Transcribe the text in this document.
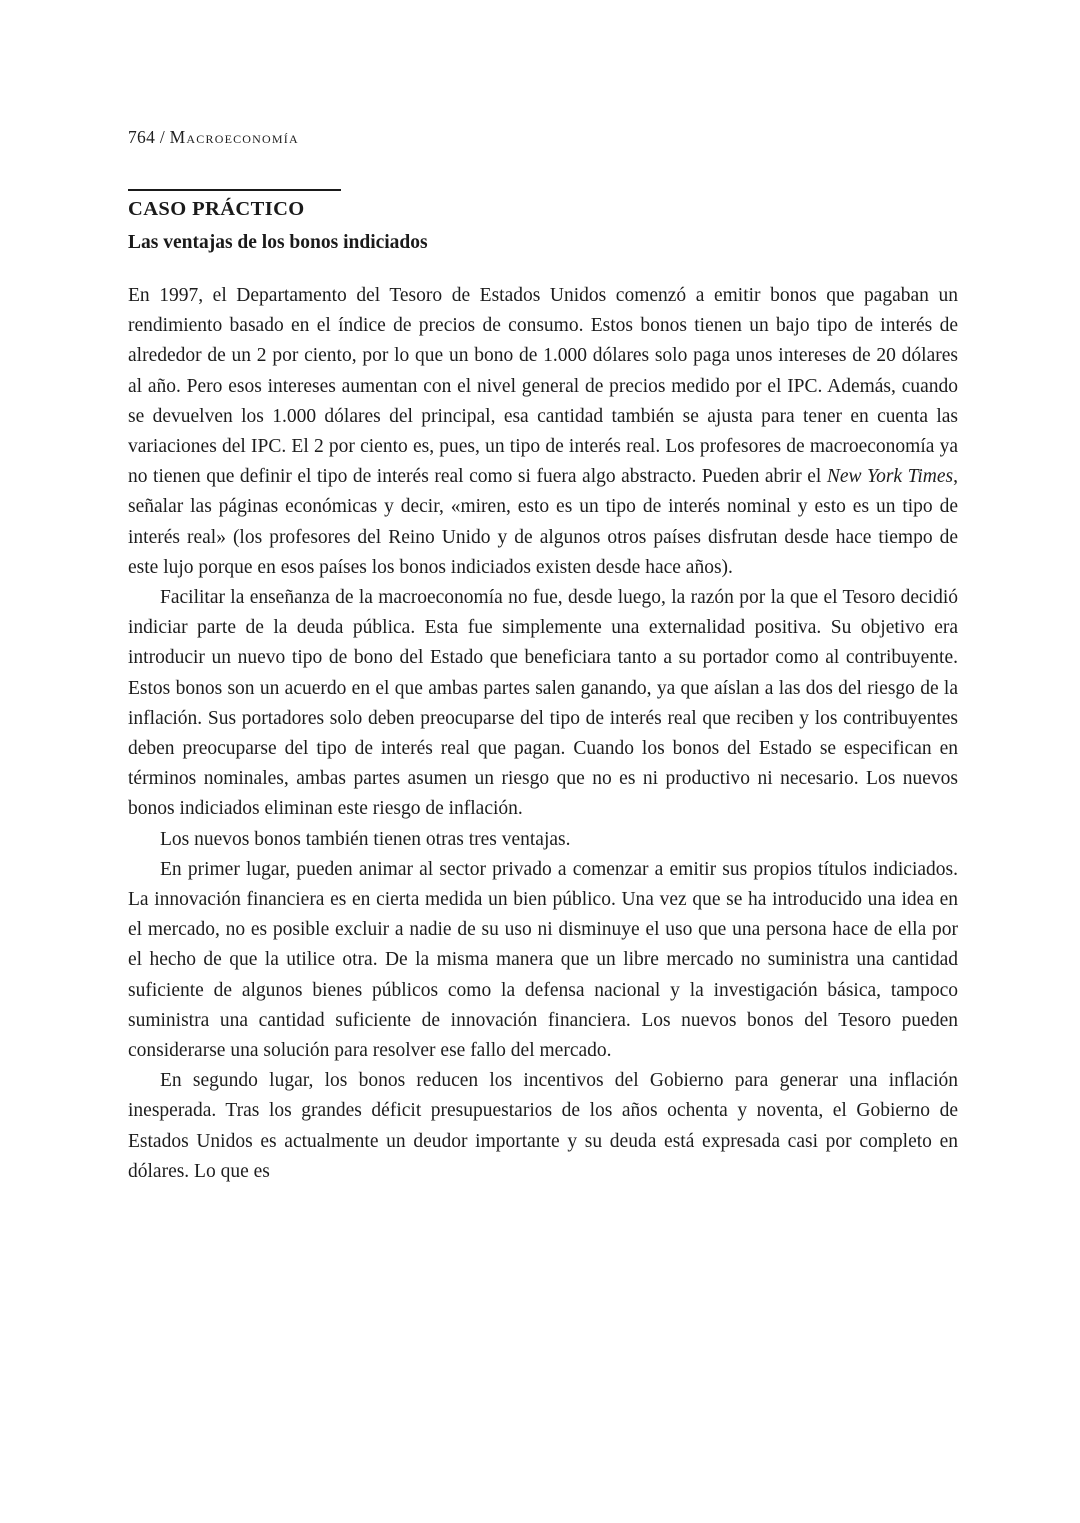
764 / Macroeconomía
CASO PRÁCTICO
Las ventajas de los bonos indiciados

En 1997, el Departamento del Tesoro de Estados Unidos comenzó a emitir bonos que pagaban un rendimiento basado en el índice de precios de consumo. Estos bonos tienen un bajo tipo de interés de alrededor de un 2 por ciento, por lo que un bono de 1.000 dólares solo paga unos intereses de 20 dólares al año. Pero esos intereses aumentan con el nivel general de precios medido por el IPC. Además, cuando se devuelven los 1.000 dólares del principal, esa cantidad también se ajusta para tener en cuenta las variaciones del IPC. El 2 por ciento es, pues, un tipo de interés real. Los profesores de macroeconomía ya no tienen que definir el tipo de interés real como si fuera algo abstracto. Pueden abrir el New York Times, señalar las páginas económicas y decir, «miren, esto es un tipo de interés nominal y esto es un tipo de interés real» (los profesores del Reino Unido y de algunos otros países disfrutan desde hace tiempo de este lujo porque en esos países los bonos indiciados existen desde hace años).

Facilitar la enseñanza de la macroeconomía no fue, desde luego, la razón por la que el Tesoro decidió indiciar parte de la deuda pública. Esta fue simplemente una externalidad positiva. Su objetivo era introducir un nuevo tipo de bono del Estado que beneficiara tanto a su portador como al contribuyente. Estos bonos son un acuerdo en el que ambas partes salen ganando, ya que aíslan a las dos del riesgo de la inflación. Sus portadores solo deben preocuparse del tipo de interés real que reciben y los contribuyentes deben preocuparse del tipo de interés real que pagan. Cuando los bonos del Estado se especifican en términos nominales, ambas partes asumen un riesgo que no es ni productivo ni necesario. Los nuevos bonos indiciados eliminan este riesgo de inflación.

Los nuevos bonos también tienen otras tres ventajas.

En primer lugar, pueden animar al sector privado a comenzar a emitir sus propios títulos indiciados. La innovación financiera es en cierta medida un bien público. Una vez que se ha introducido una idea en el mercado, no es posible excluir a nadie de su uso ni disminuye el uso que una persona hace de ella por el hecho de que la utilice otra. De la misma manera que un libre mercado no suministra una cantidad suficiente de algunos bienes públicos como la defensa nacional y la investigación básica, tampoco suministra una cantidad suficiente de innovación financiera. Los nuevos bonos del Tesoro pueden considerarse una solución para resolver ese fallo del mercado.

En segundo lugar, los bonos reducen los incentivos del Gobierno para generar una inflación inesperada. Tras los grandes déficit presupuestarios de los años ochenta y noventa, el Gobierno de Estados Unidos es actualmente un deudor importante y su deuda está expresada casi por completo en dólares. Lo que es
